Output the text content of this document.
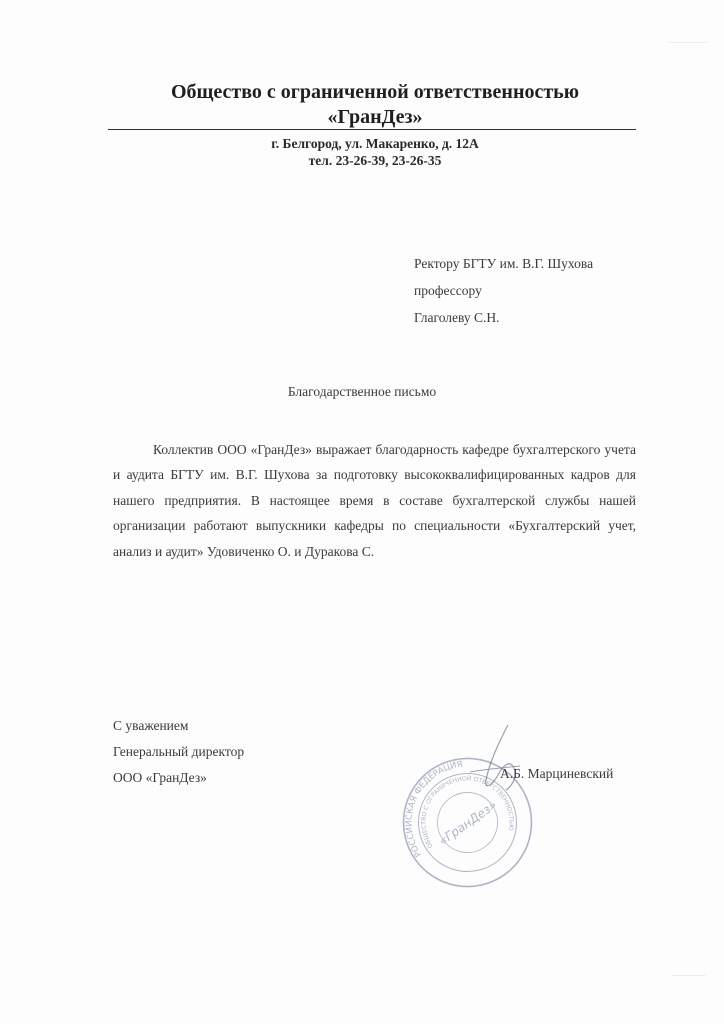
Общество с ограниченной ответственностью
«ГранДез»
г. Белгород, ул. Макаренко, д. 12А
тел. 23-26-39, 23-26-35
Ректору БГТУ им. В.Г. Шухова
профессору
Глаголеву С.Н.
Благодарственное письмо
Коллектив ООО «ГранДез» выражает благодарность кафедре бухгалтерского учета и аудита БГТУ им. В.Г. Шухова за подготовку высококвалифицированных кадров для нашего предприятия. В настоящее время в составе бухгалтерской службы нашей организации работают выпускники кафедры по специальности «Бухгалтерский учет, анализ и аудит» Удовиченко О. и Дуракова С.
С уважением
Генеральный директор
ООО «ГранДез»
РОССИЙСКАЯ ФЕДЕРАЦИЯ
ОБЩЕСТВО С ОГРАНИЧЕННОЙ ОТВЕТСТВЕННОСТЬЮ
«ГранДез»
А.Б. Марциневский
